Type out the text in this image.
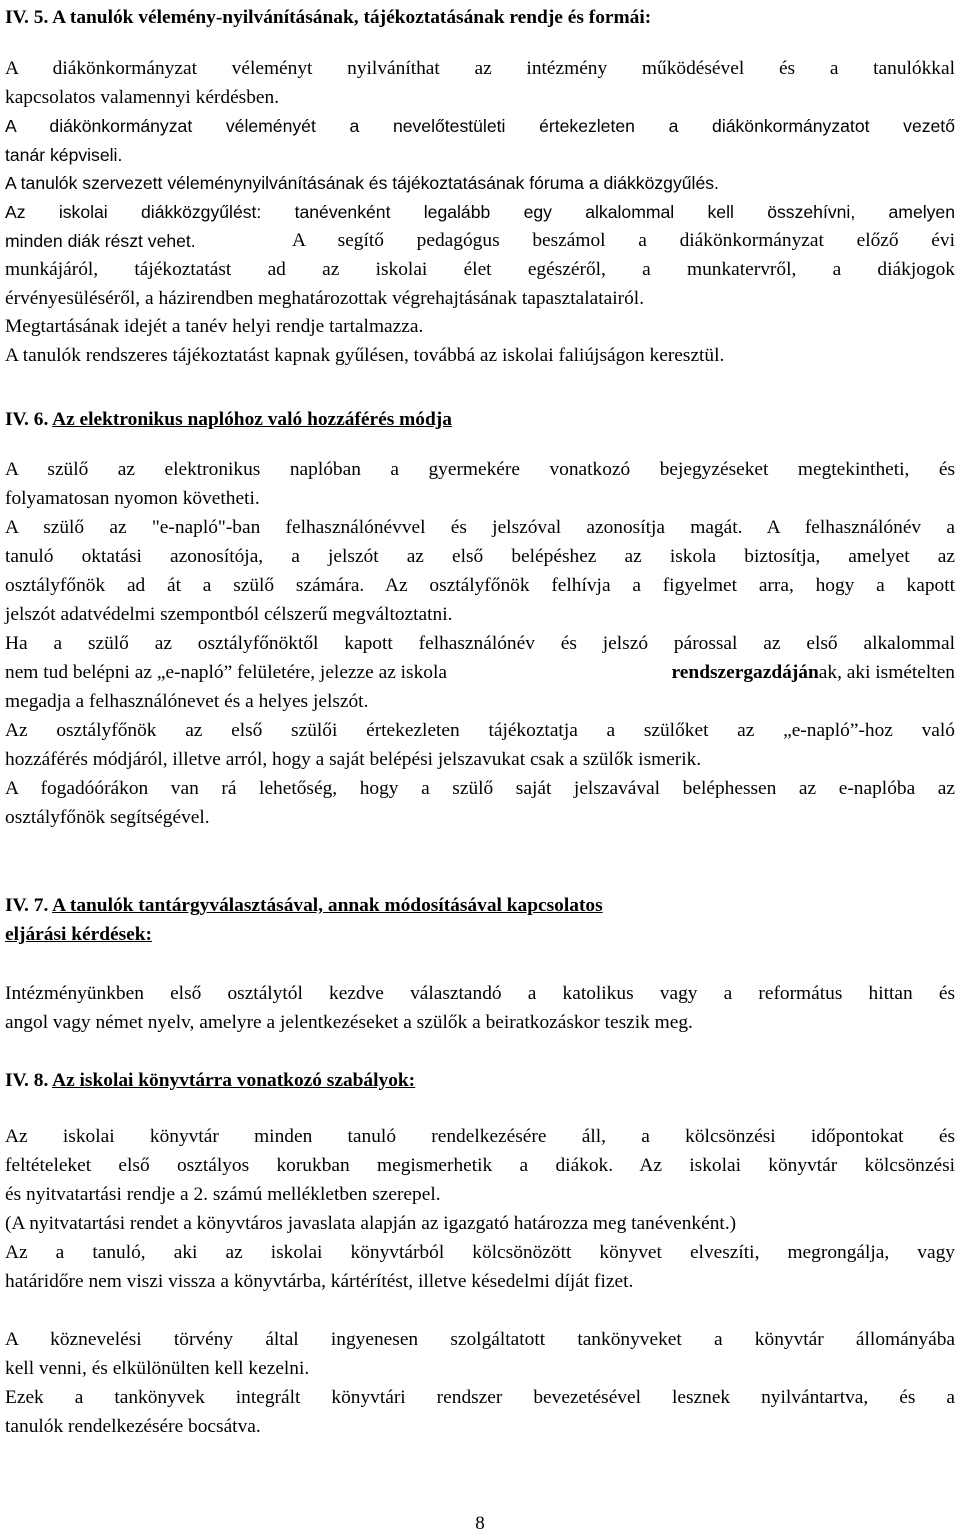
IV. 5. A tanulók vélemény-nyilvánításának, tájékoztatásának rendje és formái:
A diákönkormányzat véleményt nyilváníthat az intézmény működésével és a tanulókkal
kapcsolatos valamennyi kérdésben.
A diákönkormányzat véleményét a nevelőtestületi értekezleten a diákönkormányzatot vezető
tanár képviseli.
A tanulók szervezett véleménynyilvánításának és tájékoztatásának fóruma a diákközgyűlés.
Az iskolai diákközgyűlést: tanévenként legalább egy alkalommal kell összehívni, amelyen
minden diák részt vehet.	A segítő pedagógus beszámol a diákönkormányzat előző évi
munkájáról, tájékoztatást ad az iskolai élet egészéről, a munkatervről, a diákjogok
érvényesüléséről, a házirendben meghatározottak végrehajtásának tapasztalatairól.
Megtartásának idejét a tanév helyi rendje tartalmazza.
A tanulók rendszeres tájékoztatást kapnak gyűlésen, továbbá az iskolai faliújságon keresztül.
IV. 6. Az elektronikus naplóhoz való hozzáférés módja
A szülő az elektronikus naplóban a gyermekére vonatkozó bejegyzéseket megtekintheti, és
folyamatosan nyomon követheti.
A szülő az "e-napló"-ban felhasználónévvel és jelszóval azonosítja magát. A felhasználónév a
tanuló oktatási azonosítója, a jelszót az első belépéshez az iskola biztosítja, amelyet az
osztályfőnök ad át a szülő számára. Az osztályfőnök felhívja a figyelmet arra, hogy a kapott
jelszót adatvédelmi szempontból célszerű megváltoztatni.
Ha a szülő az osztályfőnöktől kapott felhasználónév és jelszó párossal az első alkalommal
nem tud belépni az „e-napló” felületére, jelezze az iskola	rendszergazdáján ak, aki ismételten
megadja a felhasználónevet és a helyes jelszót.
Az osztályfőnök az első szülői értekezleten tájékoztatja a szülőket az „e-napló”-hoz való
hozzáférés módjáról, illetve arról, hogy a saját belépési jelszavukat csak a szülők ismerik.
A fogadóórákon van rá lehetőség, hogy a szülő saját jelszavával beléphessen az e-naplóba az
osztályfőnök segítségével.
IV. 7. A tanulók tantárgyválasztásával, annak módosításával kapcsolatos
eljárási kérdések:
Intézményünkben első osztálytól kezdve választandó a katolikus vagy a református hittan és
angol vagy német nyelv, amelyre a jelentkezéseket a szülők a beiratkozáskor teszik meg.
IV. 8. Az iskolai könyvtárra vonatkozó szabályok:
Az iskolai könyvtár minden tanuló rendelkezésére áll, a kölcsönzési időpontokat és
feltételeket első osztályos korukban megismerhetik a diákok. Az iskolai könyvtár kölcsönzési
és nyitvatartási rendje a 2. számú mellékletben szerepel.
(A nyitvatartási rendet a könyvtáros javaslata alapján az igazgató határozza meg tanévenként.)
Az a tanuló, aki az iskolai könyvtárból kölcsönözött könyvet elveszíti, megrongálja, vagy
határidőre nem viszi vissza a könyvtárba, kártérítést, illetve késedelmi díját fizet.
A köznevelési törvény által ingyenesen szolgáltatott tankönyveket a könyvtár állományába
kell venni, és elkülönülten kell kezelni.
Ezek a tankönyvek integrált könyvtári rendszer bevezetésével lesznek nyilvántartva, és a
tanulók rendelkezésére bocsátva.
8
